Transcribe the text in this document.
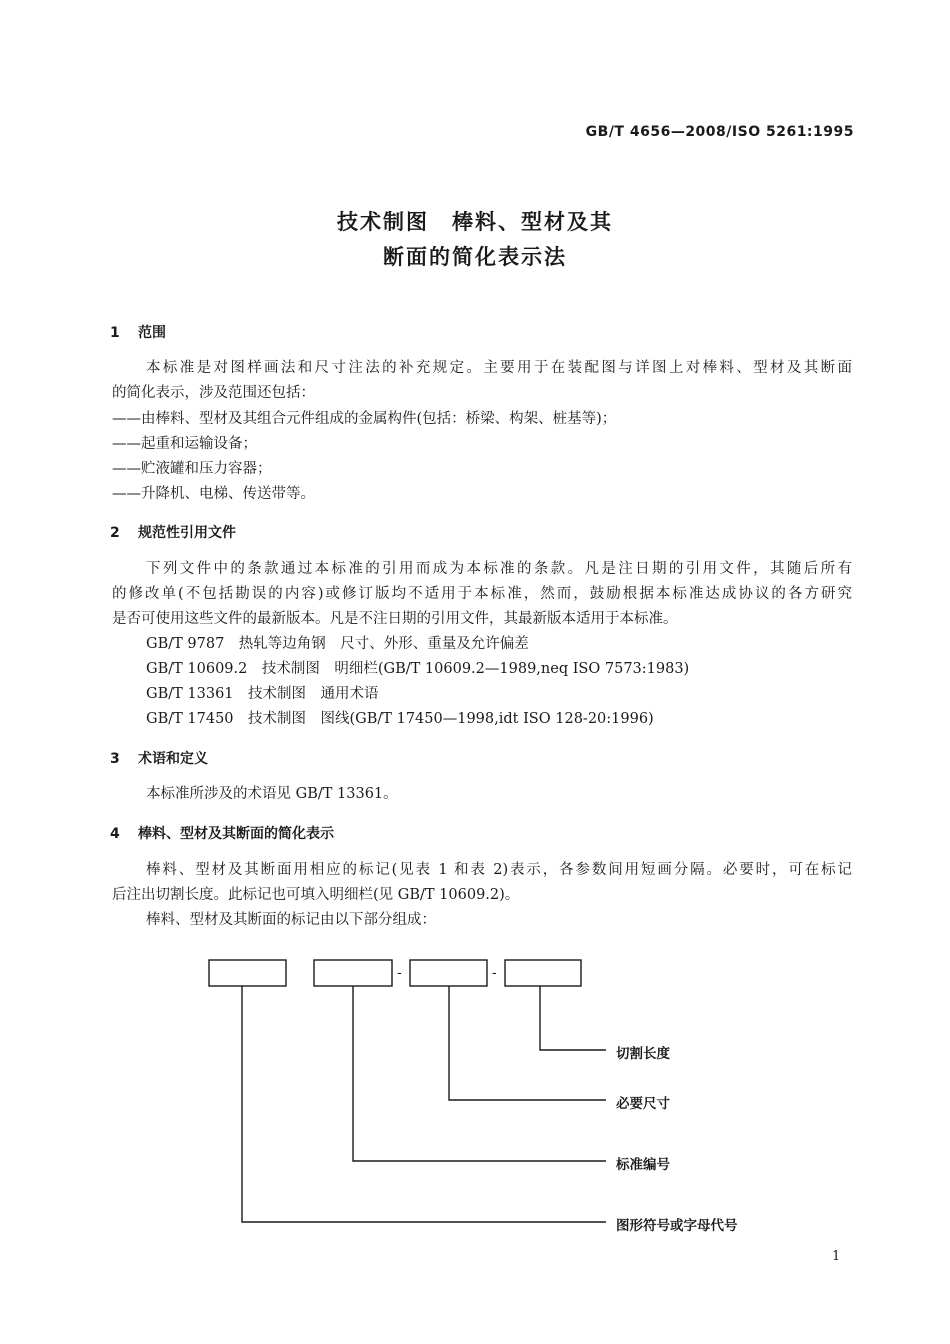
GB/T 4656—2008/ISO 5261:1995
技术制图　棒料、型材及其
断面的简化表示法
1 范围
本标准是对图样画法和尺寸注法的补充规定。主要用于在装配图与详图上对棒料、型材及其断面
的简化表示，涉及范围还包括：
——由棒料、型材及其组合元件组成的金属构件(包括：桥梁、构架、桩基等)；
——起重和运输设备；
——贮液罐和压力容器；
——升降机、电梯、传送带等。
2 规范性引用文件
下列文件中的条款通过本标准的引用而成为本标准的条款。凡是注日期的引用文件，其随后所有
的修改单(不包括勘误的内容)或修订版均不适用于本标准，然而，鼓励根据本标准达成协议的各方研究
是否可使用这些文件的最新版本。凡是不注日期的引用文件，其最新版本适用于本标准。
GB/T 9787　热轧等边角钢　尺寸、外形、重量及允许偏差
GB/T 10609.2　技术制图　明细栏(GB/T 10609.2—1989,neq ISO 7573:1983)
GB/T 13361　技术制图　通用术语
GB/T 17450　技术制图　图线(GB/T 17450—1998,idt ISO 128-20:1996)
3 术语和定义
本标准所涉及的术语见 GB/T 13361。
4 棒料、型材及其断面的简化表示
棒料、型材及其断面用相应的标记(见表 1 和表 2)表示，各参数间用短画分隔。必要时，可在标记
后注出切割长度。此标记也可填入明细栏(见 GB/T 10609.2)。
棒料、型材及其断面的标记由以下部分组成：
-	-
切割长度
必要尺寸
标准编号
图形符号或字母代号
1
